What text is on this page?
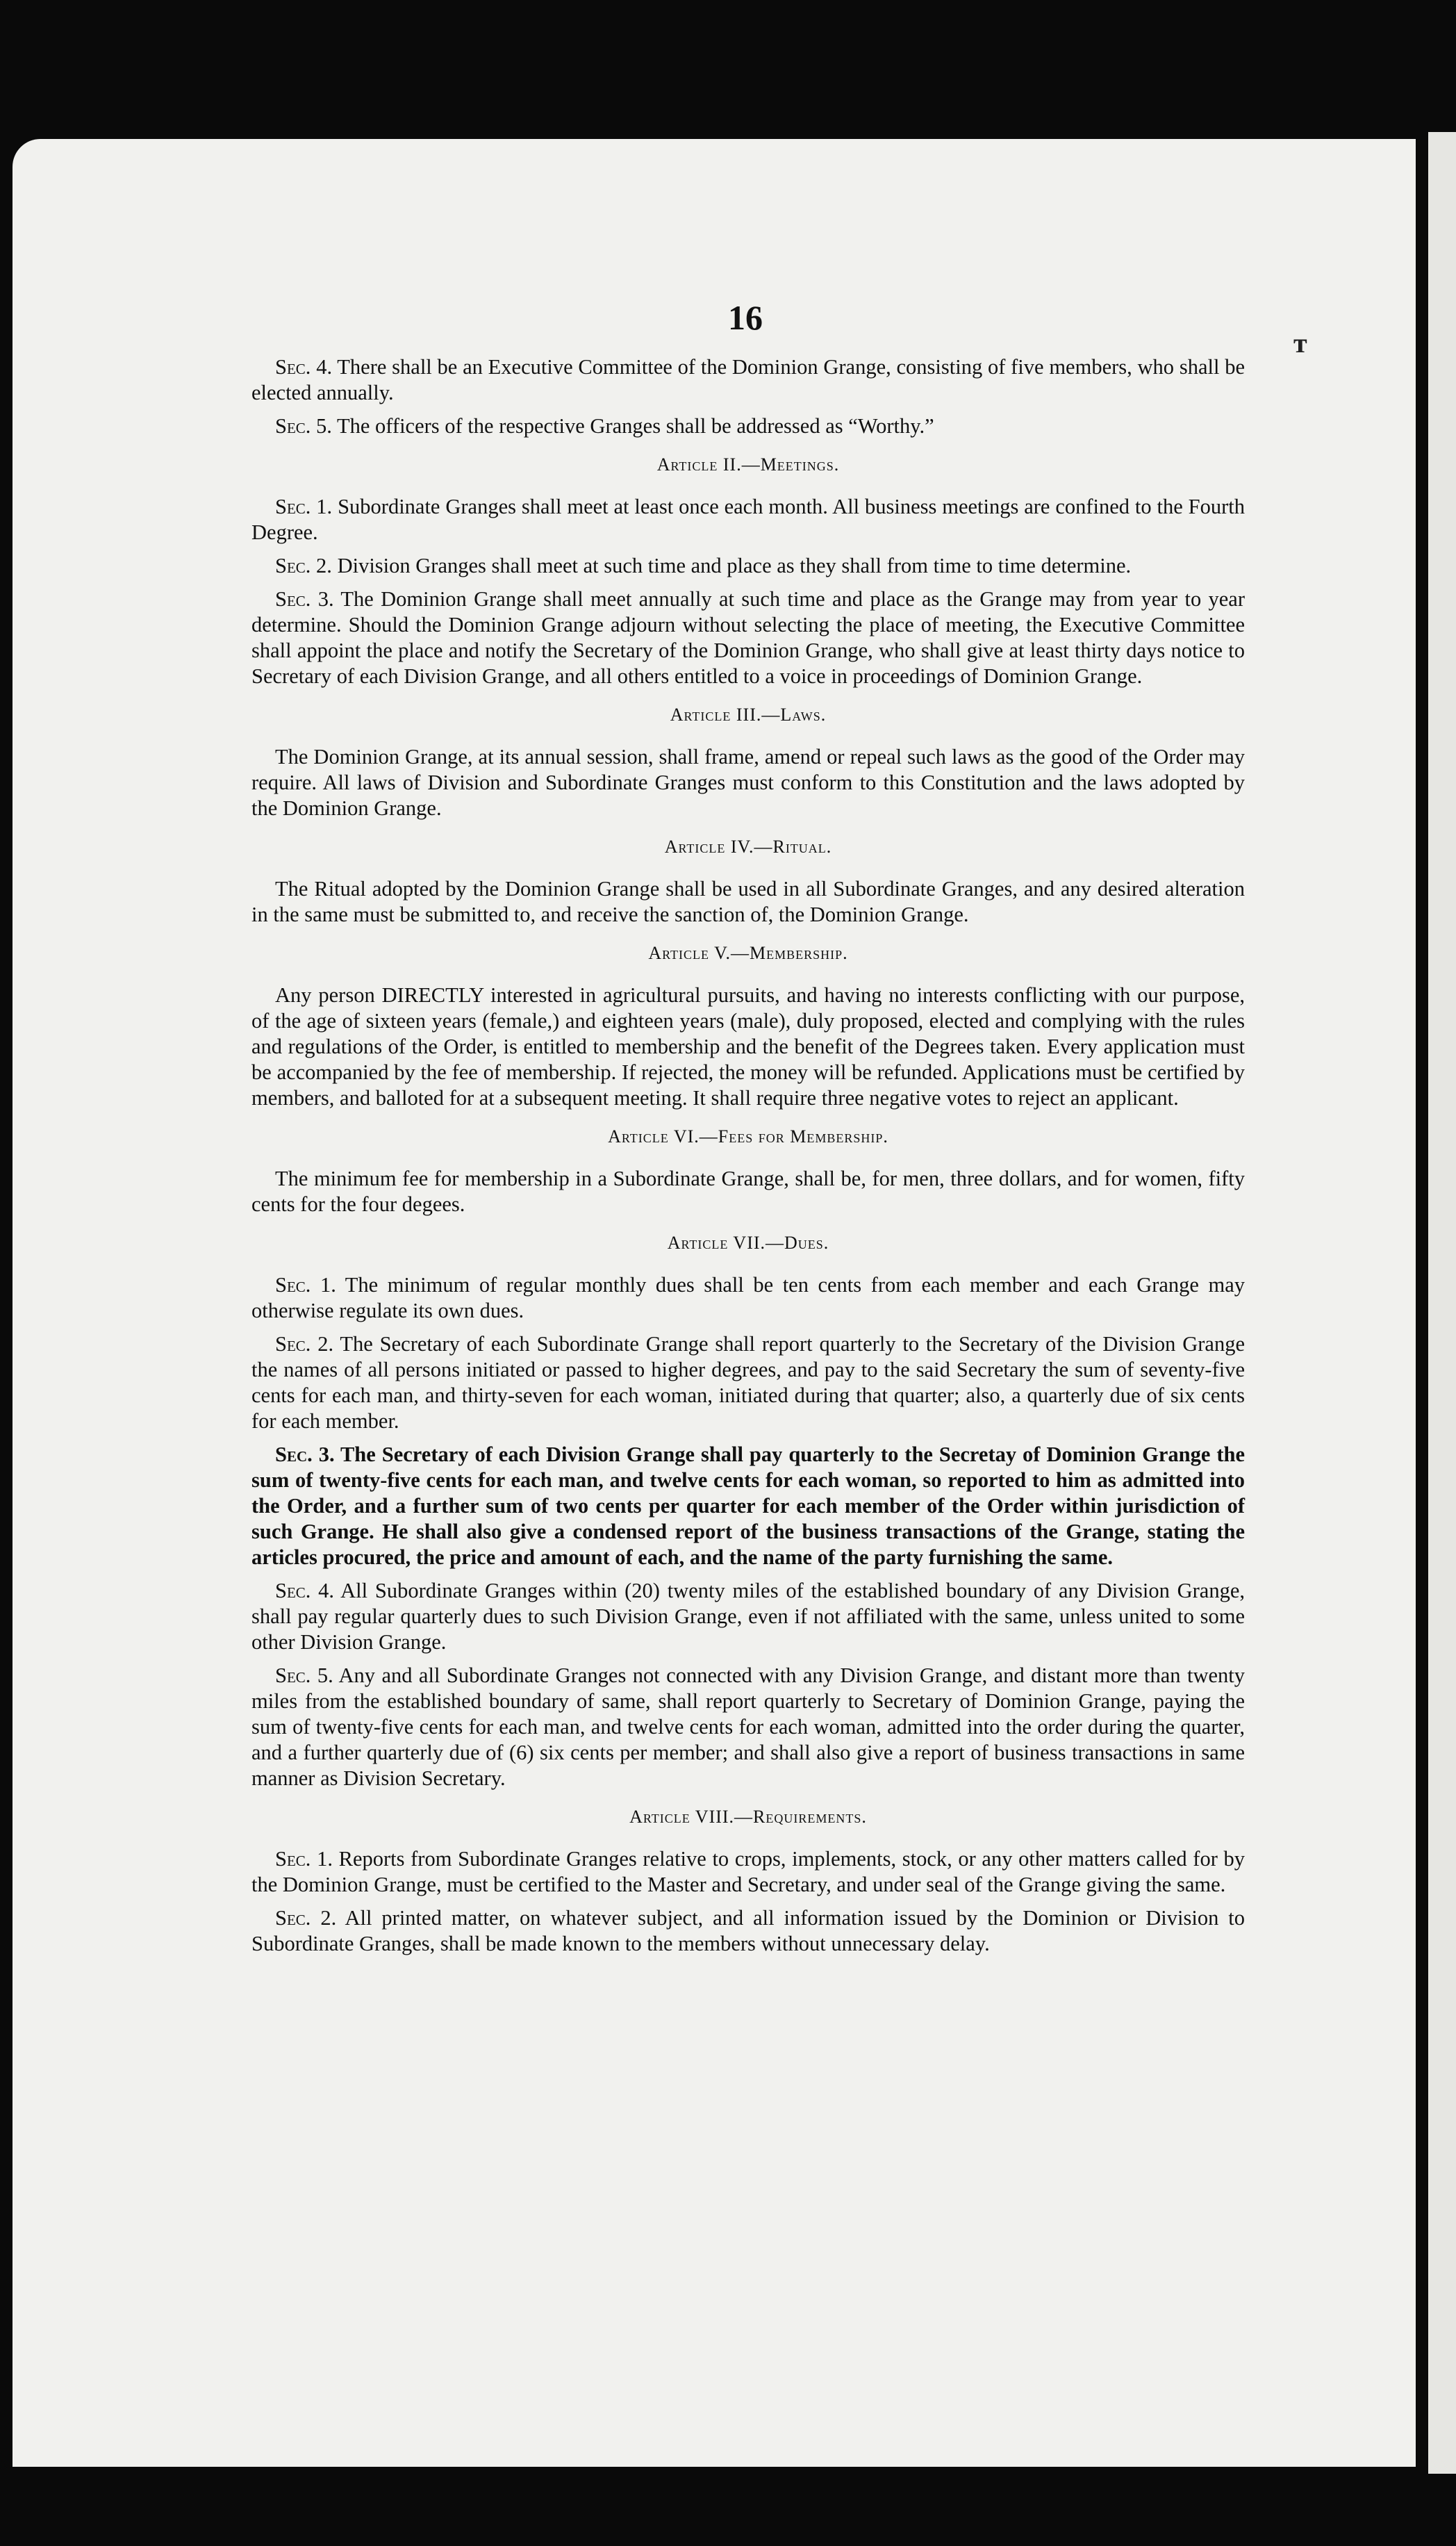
16
ᴛ

Sec. 4. There shall be an Executive Committee of the Dominion Grange, consisting of five members, who shall be elected annually.

Sec. 5. The officers of the respective Granges shall be addressed as “Worthy.”

Article II.—Meetings.

Sec. 1. Subordinate Granges shall meet at least once each month. All business meetings are confined to the Fourth Degree.

Sec. 2. Division Granges shall meet at such time and place as they shall from time to time determine.

Sec. 3. The Dominion Grange shall meet annually at such time and place as the Grange may from year to year determine. Should the Dominion Grange adjourn without selecting the place of meeting, the Executive Committee shall appoint the place and notify the Secretary of the Dominion Grange, who shall give at least thirty days notice to Secretary of each Division Grange, and all others entitled to a voice in proceedings of Dominion Grange.

Article III.—Laws.

The Dominion Grange, at its annual session, shall frame, amend or repeal such laws as the good of the Order may require. All laws of Division and Subordinate Granges must conform to this Constitution and the laws adopted by the Dominion Grange.

Article IV.—Ritual.

The Ritual adopted by the Dominion Grange shall be used in all Subordinate Granges, and any desired alteration in the same must be submitted to, and receive the sanction of, the Dominion Grange.

Article V.—Membership.

Any person DIRECTLY interested in agricultural pursuits, and having no interests conflicting with our purpose, of the age of sixteen years (female,) and eighteen years (male), duly proposed, elected and complying with the rules and regulations of the Order, is entitled to membership and the benefit of the Degrees taken. Every application must be accompanied by the fee of membership. If rejected, the money will be refunded. Applications must be certified by members, and balloted for at a subsequent meeting. It shall require three negative votes to reject an applicant.

Article VI.—Fees for Membership.

The minimum fee for membership in a Subordinate Grange, shall be, for men, three dollars, and for women, fifty cents for the four degees.

Article VII.—Dues.

Sec. 1. The minimum of regular monthly dues shall be ten cents from each member and each Grange may otherwise regulate its own dues.

Sec. 2. The Secretary of each Subordinate Grange shall report quarterly to the Secretary of the Division Grange the names of all persons initiated or passed to higher degrees, and pay to the said Secretary the sum of seventy-five cents for each man, and thirty-seven for each woman, initiated during that quarter; also, a quarterly due of six cents for each member.

Sec. 3. The Secretary of each Division Grange shall pay quarterly to the Secretay of Dominion Grange the sum of twenty-five cents for each man, and twelve cents for each woman, so reported to him as admitted into the Order, and a further sum of two cents per quarter for each member of the Order within jurisdiction of such Grange. He shall also give a condensed report of the business transactions of the Grange, stating the articles procured, the price and amount of each, and the name of the party furnishing the same.

Sec. 4. All Subordinate Granges within (20) twenty miles of the established boundary of any Division Grange, shall pay regular quarterly dues to such Division Grange, even if not affiliated with the same, unless united to some other Division Grange.

Sec. 5. Any and all Subordinate Granges not connected with any Division Grange, and distant more than twenty miles from the established boundary of same, shall report quarterly to Secretary of Dominion Grange, paying the sum of twenty-five cents for each man, and twelve cents for each woman, admitted into the order during the quarter, and a further quarterly due of (6) six cents per member; and shall also give a report of business transactions in same manner as Division Secretary.

Article VIII.—Requirements.

Sec. 1. Reports from Subordinate Granges relative to crops, implements, stock, or any other matters called for by the Dominion Grange, must be certified to the Master and Secretary, and under seal of the Grange giving the same.

Sec. 2. All printed matter, on whatever subject, and all information issued by the Dominion or Division to Subordinate Granges, shall be made known to the members without unnecessary delay.
